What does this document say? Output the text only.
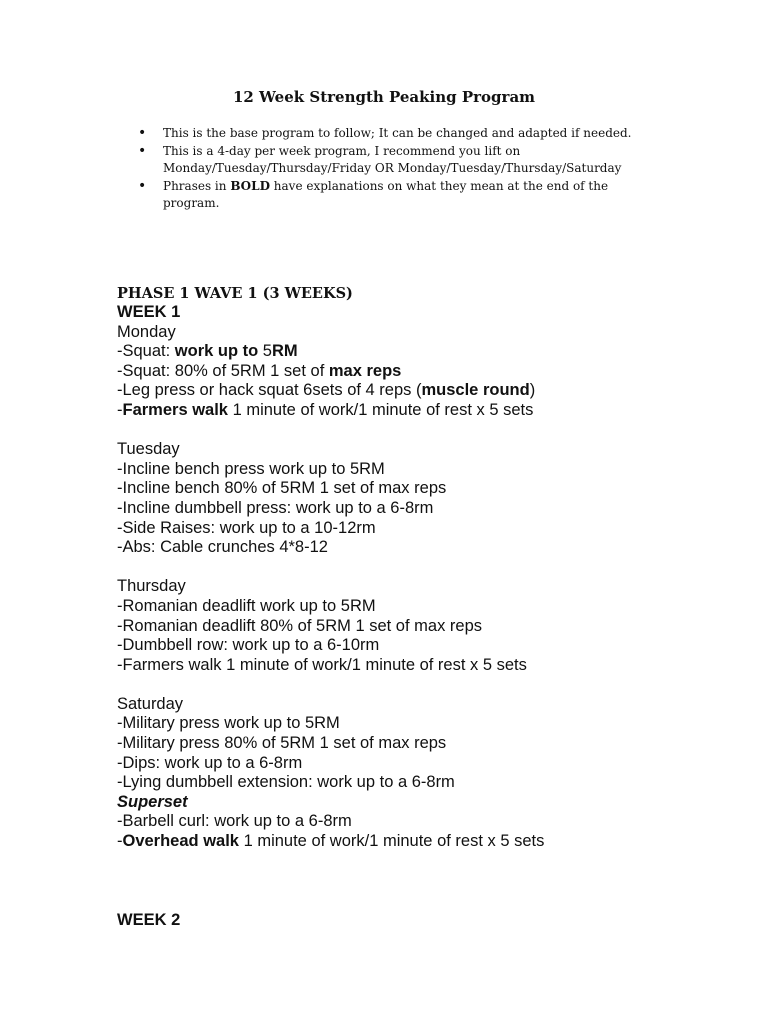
12 Week Strength Peaking Program
• This is the base program to follow; It can be changed and adapted if needed.
• This is a 4-day per week program, I recommend you lift on Monday/Tuesday/Thursday/Friday OR Monday/Tuesday/Thursday/Saturday
• Phrases in BOLD have explanations on what they mean at the end of the program.
PHASE 1 WAVE 1 (3 WEEKS)
WEEK 1
Monday
-Squat: work up to 5RM
-Squat: 80% of 5RM 1 set of max reps
-Leg press or hack squat 6sets of 4 reps (muscle round)
-Farmers walk 1 minute of work/1 minute of rest x 5 sets
Tuesday
-Incline bench press work up to 5RM
-Incline bench 80% of 5RM 1 set of max reps
-Incline dumbbell press: work up to a 6-8rm
-Side Raises: work up to a 10-12rm
-Abs: Cable crunches 4*8-12
Thursday
-Romanian deadlift work up to 5RM
-Romanian deadlift 80% of 5RM 1 set of max reps
-Dumbbell row: work up to a 6-10rm
-Farmers walk 1 minute of work/1 minute of rest x 5 sets
Saturday
-Military press work up to 5RM
-Military press 80% of 5RM 1 set of max reps
-Dips: work up to a 6-8rm
-Lying dumbbell extension: work up to a 6-8rm
Superset
-Barbell curl: work up to a 6-8rm
-Overhead walk 1 minute of work/1 minute of rest x 5 sets
WEEK 2
